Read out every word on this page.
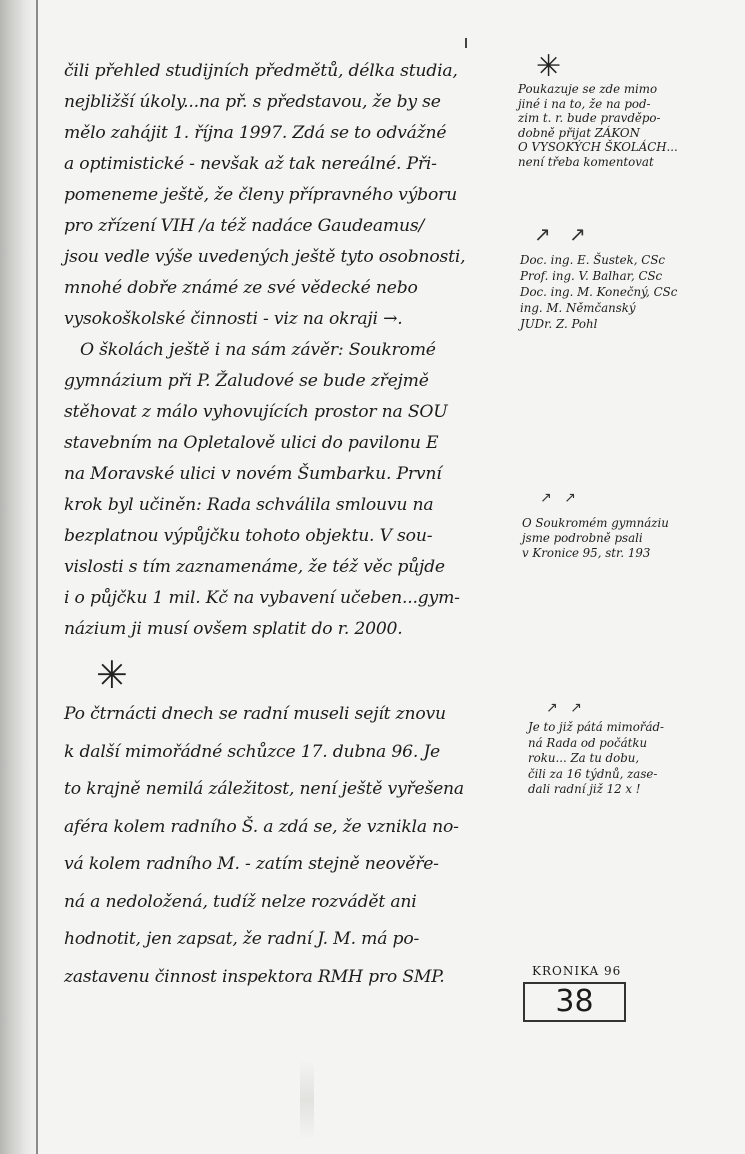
čili přehled studijních předmětů, délka studia,
nejbližší úkoly...na př. s představou, že by se
mělo zahájit 1. října 1997. Zdá se to odvážné
a optimistické - nevšak až tak nereálné. Při-
pomeneme ještě, že členy přípravného výboru
pro zřízení VIH /a též nadáce Gaudeamus/
jsou vedle výše uvedených ještě tyto osobnosti,
mnohé dobře známé ze své vědecké nebo
vysokoškolské činnosti - viz na okraji →.
O školách ještě i na sám závěr: Soukromé
gymnázium při P. Žaludové se bude zřejmě
stěhovat z málo vyhovujících prostor na SOU
stavebním na Opletalově ulici do pavilonu E
na Moravské ulici v novém Šumbarku. První
krok byl učiněn: Rada schválila smlouvu na
bezplatnou výpůjčku tohoto objektu. V sou-
vislosti s tím zaznamenáme, že též věc půjde
i o půjčku 1 mil. Kč na vybavení učeben...gym-
názium ji musí ovšem splatit do r. 2000.
✳
Po čtrnácti dnech se radní museli sejít znovu
k další mimořádné schůzce 17. dubna 96. Je
to krajně nemilá záležitost, není ještě vyřešena
aféra kolem radního Š. a zdá se, že vznikla no-
vá kolem radního M. - zatím stejně neověře-
ná a nedoložená, tudíž nelze rozvádět ani
hodnotit, jen zapsat, že radní J. M. má po-
zastavenu činnost inspektora RMH pro SMP.
✳
Poukazuje se zde mimo
jiné i na to, že na pod-
zim t. r. bude pravděpo-
dobně přijat ZÁKON
O VYSOKÝCH ŠKOLÁCH...
není třeba komentovat
↗ ↗
Doc. ing. E. Šustek, CSc
Prof. ing. V. Balhar, CSc
Doc. ing. M. Konečný, CSc
ing. M. Němčanský
JUDr. Z. Pohl
↗ ↗
O Soukromém gymnáziu
jsme podrobně psali
v Kronice 95, str. 193
↗ ↗
Je to již pátá mimořád-
ná Rada od počátku
roku... Za tu dobu,
čili za 16 týdnů, zase-
dali radní již 12 x !
KRONIKA 96
38
